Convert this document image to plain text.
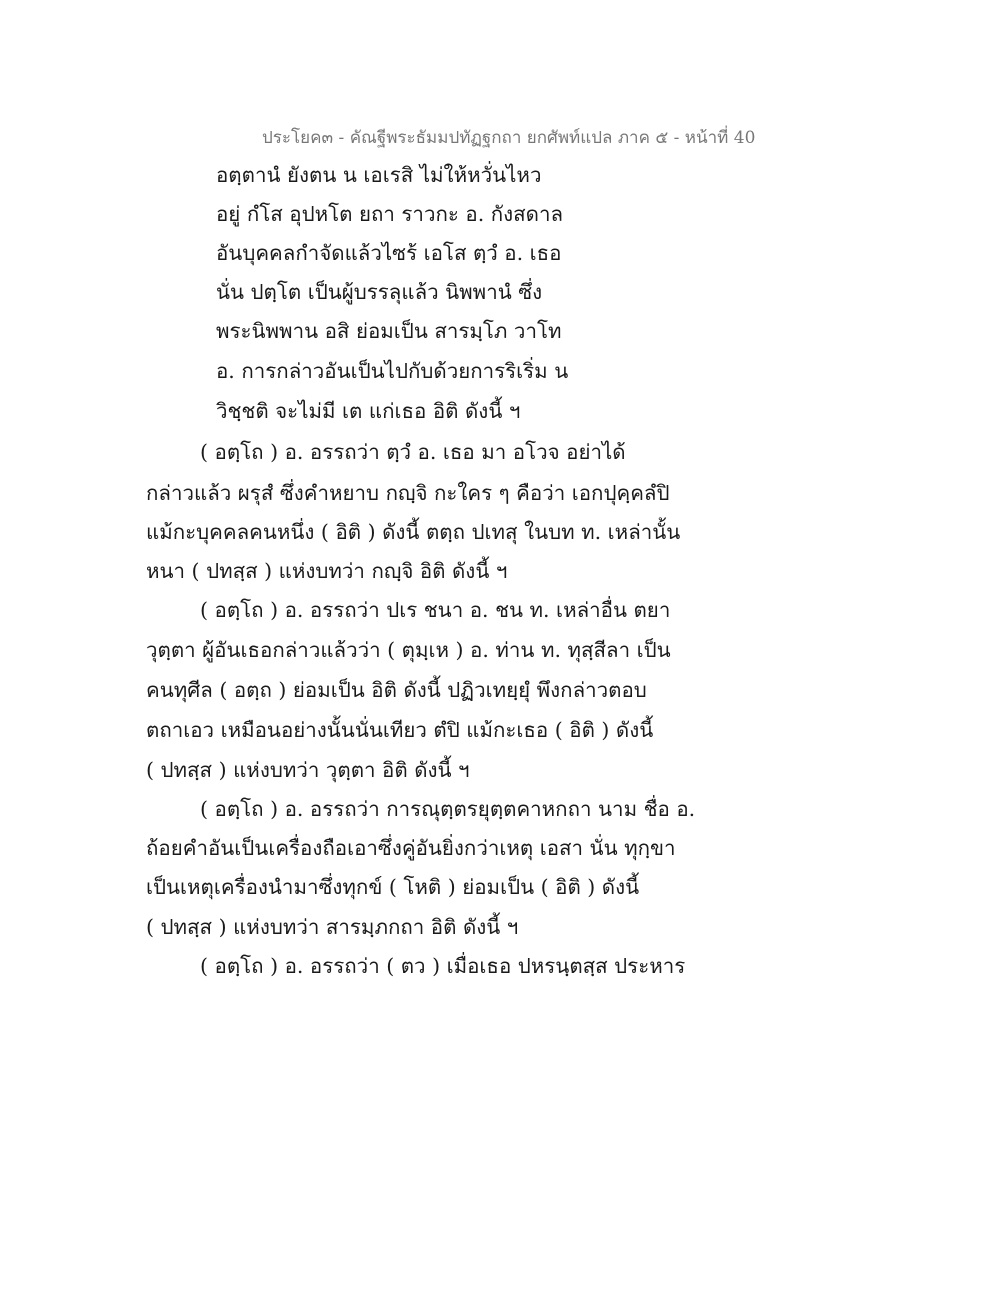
ประโยค๓ - คัณฐีพระธัมมปทัฏฐกถา ยกศัพท์แปล ภาค ๕ - หน้าที่ 40
อตฺตานํ ยังตน น เอเรสิ ไม่ให้หวั่นไหว
อยู่ กํโส อุปหโต ยถา ราวกะ อ. กังสดาล
อันบุคคลกำจัดแล้วไซร้ เอโส ตฺวํ อ. เธอ
นั่น ปตฺโต เป็นผู้บรรลุแล้ว นิพพานํ ซึ่ง
พระนิพพาน อสิ ย่อมเป็น สารมฺโภ วาโท
อ. การกล่าวอันเป็นไปกับด้วยการริเริ่ม น
วิชฺชติ จะไม่มี เต แก่เธอ อิติ ดังนี้ ฯ
( อตฺโถ ) อ. อรรถว่า ตฺวํ อ. เธอ มา อโวจ อย่าได้
กล่าวแล้ว ผรุสํ ซึ่งคำหยาบ กญฺจิ กะใคร ๆ คือว่า เอกปุคฺคลํปิ
แม้กะบุคคลคนหนึ่ง ( อิติ ) ดังนี้ ตตฺถ ปเทสุ ในบท ท. เหล่านั้น
หนา ( ปทสฺส ) แห่งบทว่า กญฺจิ อิติ ดังนี้ ฯ
( อตฺโถ ) อ. อรรถว่า ปเร ชนา อ. ชน ท. เหล่าอื่น ตยา
วุตฺตา ผู้อันเธอกล่าวแล้วว่า ( ตุมฺเห ) อ. ท่าน ท. ทุสฺสีลา เป็น
คนทุศีล ( อตฺถ ) ย่อมเป็น อิติ ดังนี้ ปฏิวเทยฺยุํ พึงกล่าวตอบ
ตถาเอว เหมือนอย่างนั้นนั่นเทียว ตํปิ แม้กะเธอ ( อิติ ) ดังนี้
( ปทสฺส ) แห่งบทว่า วุตฺตา อิติ ดังนี้ ฯ
( อตฺโถ ) อ. อรรถว่า การณุตฺตรยุตฺตคาหกถา นาม ชื่อ อ.
ถ้อยคำอันเป็นเครื่องถือเอาซึ่งคู่อันยิ่งกว่าเหตุ เอสา นั่น ทุกฺขา
เป็นเหตุเครื่องนำมาซึ่งทุกข์ ( โหติ ) ย่อมเป็น ( อิติ ) ดังนี้
( ปทสฺส ) แห่งบทว่า สารมฺภกถา อิติ ดังนี้ ฯ
( อตฺโถ ) อ. อรรถว่า ( ตว ) เมื่อเธอ ปหรนฺตสฺส ประหาร
